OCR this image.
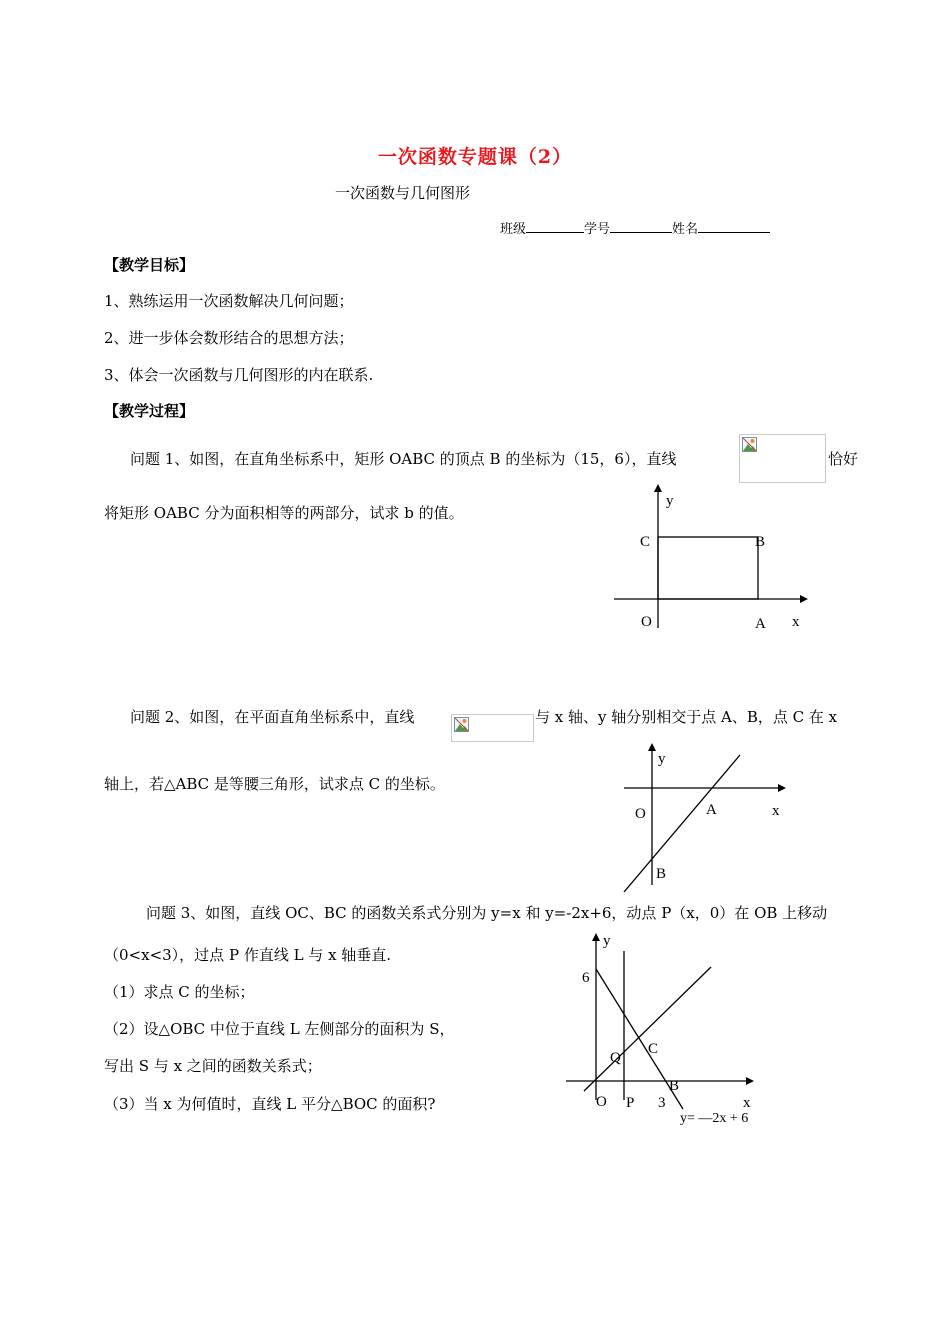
一次函数专题课（2）
一次函数与几何图形
班级	学号	姓名
【教学目标】
1、熟练运用一次函数解决几何问题；
2、进一步体会数形结合的思想方法；
3、体会一次函数与几何图形的内在联系.
【教学过程】
问题 1、如图，在直角坐标系中，矩形 OABC 的顶点 B 的坐标为（15，6），直线	恰好
将矩形 OABC 分为面积相等的两部分，试求 b 的值。
y
C	B
O	A x
问题 2、如图，在平面直角坐标系中，直线	与 x 轴、y 轴分别相交于点 A、B，点 C 在 x
轴上，若△ABC 是等腰三角形，试求点 C 的坐标。
y
O	A	x
B
问题 3、如图，直线 OC、BC 的函数关系式分别为 y=x 和 y=-2x+6，动点 P（x，0）在 OB 上移动
（0<x<3），过点 P 作直线 L 与 x 轴垂直.
（1）求点 C 的坐标；
（2）设△OBC 中位于直线 L 左侧部分的面积为 S，
写出 S 与 x 之间的函数关系式；
（3）当 x 为何值时，直线 L 平分△BOC 的面积?
y
6
Q
C
B
O P 3	x
y= —2x + 6
